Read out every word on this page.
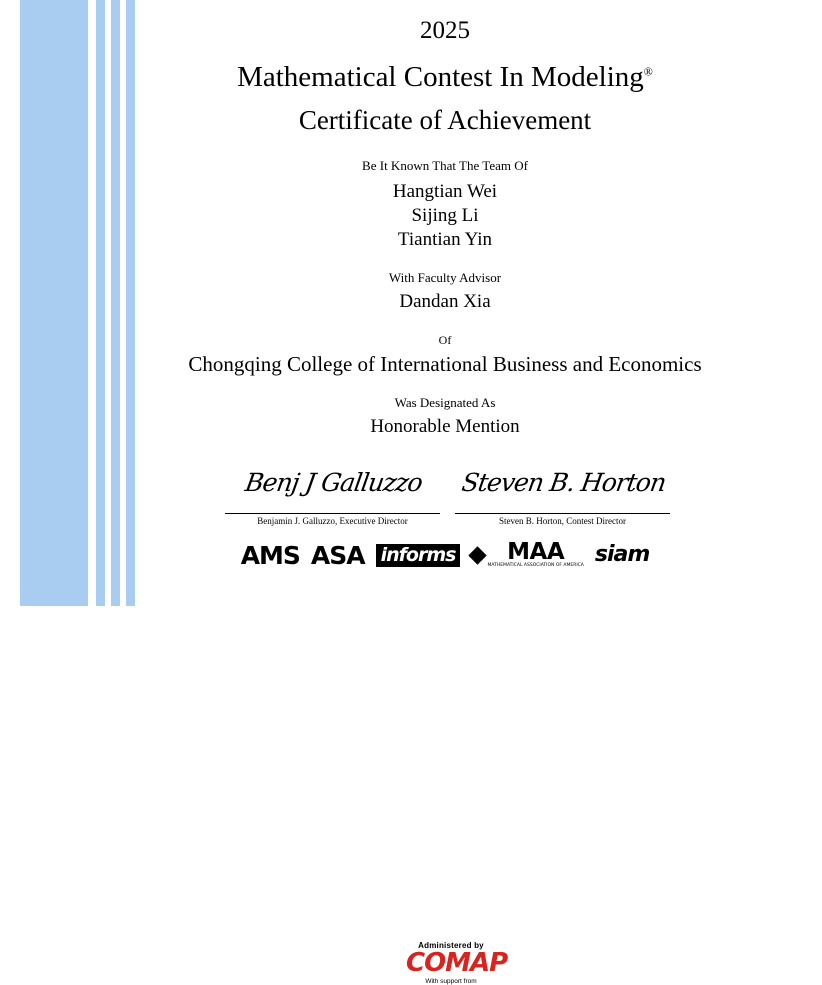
2025
Mathematical Contest In Modeling®
Certificate of Achievement
Be It Known That The Team Of
Hangtian Wei
Sijing Li
Tiantian Yin
With Faculty Advisor
Dandan Xia
Of
Chongqing College of International Business and Economics
Was Designated As
Honorable Mention
Benj J Galluzzo
Benjamin J. Galluzzo, Executive Director
Steven B. Horton
Steven B. Horton, Contest Director
Administered by
COMAP
With support from
AMS ASA informs MAA
MATHEMATICAL ASSOCIATION OF AMERICA siam
